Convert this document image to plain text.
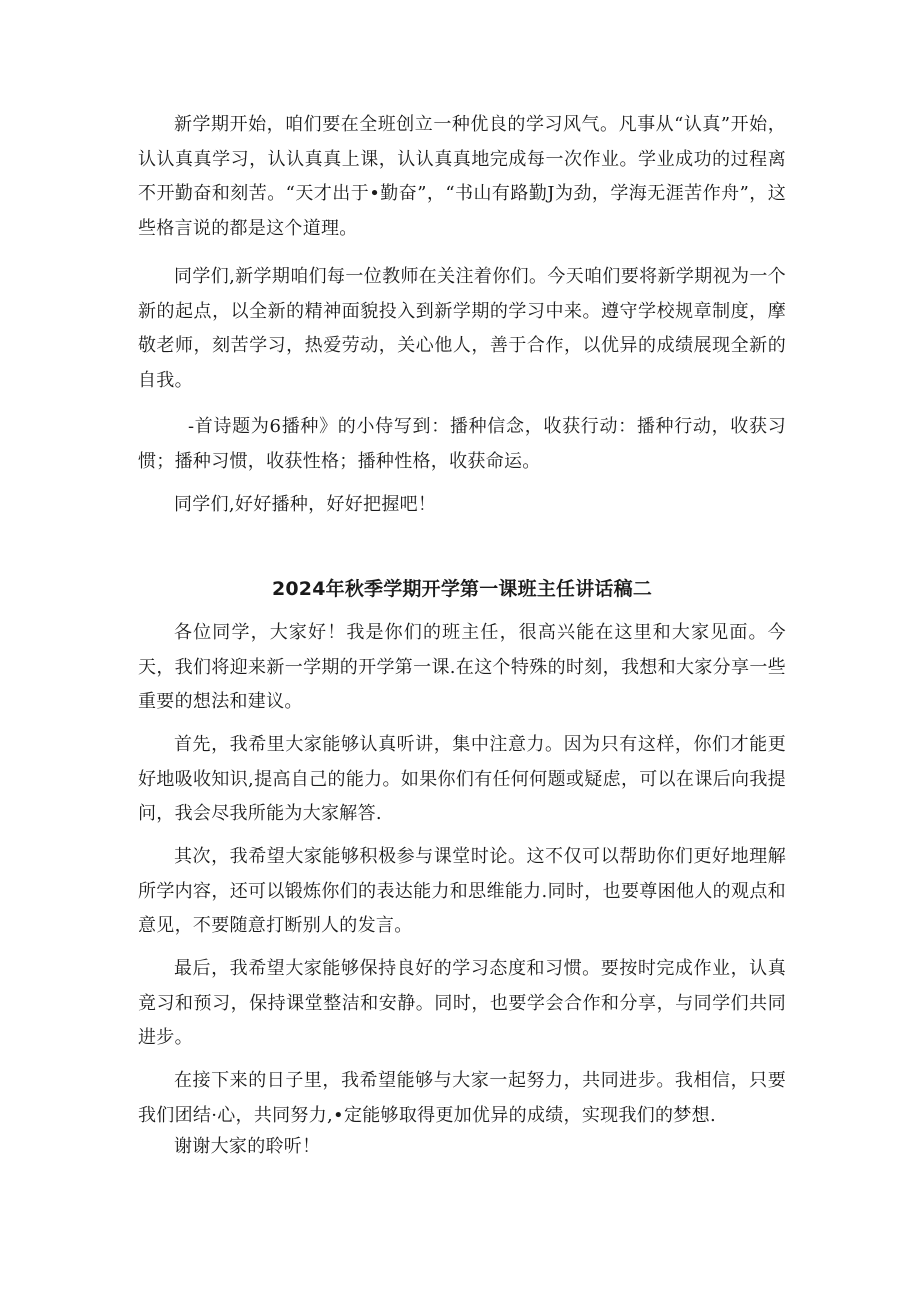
新学期开始，咱们要在全班创立一种优良的学习风气。凡事从“认真”开始，认认真真学习，认认真真上课，认认真真地完成每一次作业。学业成功的过程离不开勤奋和刻苦。“天才出于•勤奋”，“书山有路勤J为劲，学海无涯苦作舟”，这些格言说的都是这个道理。

同学们,新学期咱们每一位教师在关注着你们。今天咱们要将新学期视为一个新的起点，以全新的精神面貌投入到新学期的学习中来。遵守学校规章制度，摩敬老师，刻苦学习，热爱劳动，关心他人，善于合作，以优异的成绩展现全新的自我。

-首诗题为6播种》的小侍写到：播种信念，收获行动：播种行动，收获习惯；播种习惯，收获性格；播种性格，收获命运。

同学们,好好播种，好好把握吧！

2024年秋季学期开学第一课班主任讲话稿二

各位同学，大家好！我是你们的班主任，很高兴能在这里和大家见面。今天，我们将迎来新一学期的开学第一课.在这个特殊的时刻，我想和大家分享一些重要的想法和建议。

首先，我希里大家能够认真听讲，集中注意力。因为只有这样，你们才能更好地吸收知识,提高自己的能力。如果你们有任何何题或疑虑，可以在课后向我提问，我会尽我所能为大家解答.

其次，我希望大家能够积极参与课堂时论。这不仅可以帮助你们更好地理解所学内容，还可以锻炼你们的表达能力和思维能力.同时，也要尊困他人的观点和意见，不要随意打断别人的发言。

最后，我希望大家能够保持良好的学习态度和习惯。要按时完成作业，认真竟习和预习，保持课堂整洁和安静。同时，也要学会合作和分享，与同学们共同进步。

在接下来的日子里，我希望能够与大家一起努力，共同进步。我相信，只要我们团结·心，共同努力,•定能够取得更加优异的成绩，实现我们的梦想.

谢谢大家的聆听！
